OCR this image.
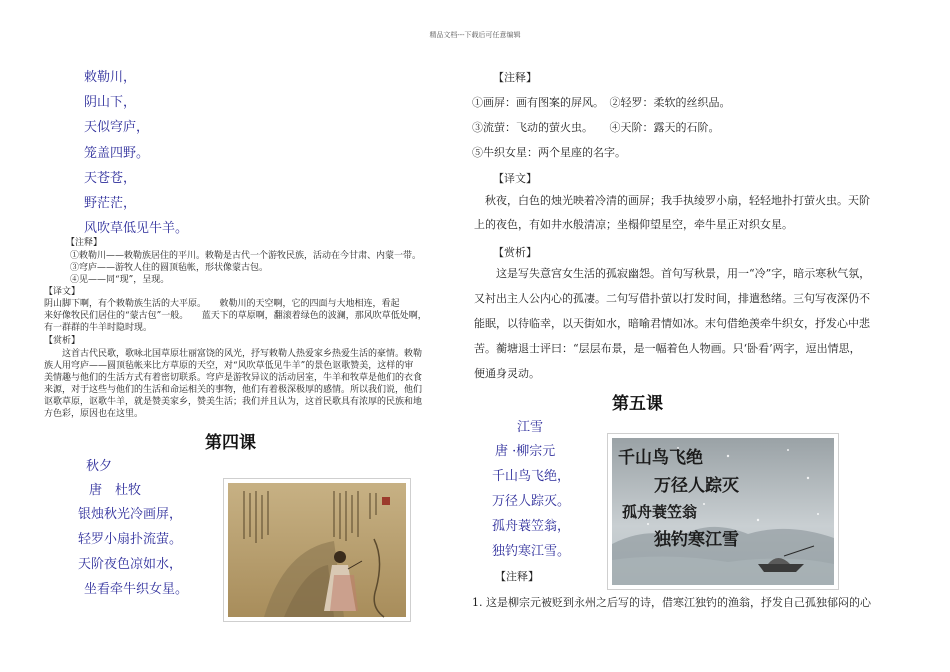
精品文档---下载后可任意编辑
敕勒川，
阴山下，
天似穹庐，
笼盖四野。
天苍苍，
野茫茫，
风吹草低见牛羊。
【注释】
①敕勒川——敕勒族居住的平川。敕勒是古代一个游牧民族，活动在今甘肃、内蒙一带。
③穹庐——游牧人住的圆顶毡帐，形状像蒙古包。
④见——同“现”，呈现。
【译文】
阴山脚下啊，有个敕勒族生活的大平原。　　敕勒川的天空啊，它的四面与大地相连，看起
来好像牧民们居住的“蒙古包”一般。　　蓝天下的草原啊，翻滚着绿色的波澜，那风吹草低处啊，
有一群群的牛羊时隐时现。
【赏析】
　　这首古代民歌，歌咏北国草原壮丽富饶的风光，抒写敕勒人热爱家乡热爱生活的豪情。敕勒
族人用穹庐——圆顶毡帐来比方草原的天空，对“风吹草低见牛羊”的景色讴歌赞美，这样的审
美情趣与他们的生活方式有着密切联系。穹庐是游牧异议的活动居室，牛羊和牧草是他们的衣食
来源，对于这些与他们的生活和命运相关的事物，他们有着极深极厚的感情。所以我们说，他们
讴歌草原，讴歌牛羊，就是赞美家乡，赞美生活；我们并且认为，这首民歌具有浓厚的民族和地
方色彩，原因也在这里。
第四课
秋夕
唐　杜牧
银烛秋光冷画屏，
轻罗小扇扑流萤。
天阶夜色凉如水，
坐看牵牛织女星。
【注释】
①画屏：画有图案的屏风。　②轻罗：柔软的丝织品。
③流萤：飞动的萤火虫。　　④天阶：露天的石阶。
⑤牛织女星：两个星座的名字。
【译文】
　秋夜，白色的烛光映着冷清的画屏；我手执绫罗小扇，轻轻地扑打萤火虫。天阶
上的夜色，有如井水般清凉；坐榻仰望星空，牵牛星正对织女星。
【赏析】
　　这是写失意宫女生活的孤寂幽怨。首句写秋景，用一“冷”字，暗示寒秋气氛，
又衬出主人公内心的孤凄。二句写借扑萤以打发时间，排遣愁绪。三句写夜深仍不
能眠，以待临幸，以天街如水，暗喻君情如冰。末句借绝羡牵牛织女，抒发心中悲
苦。蘅塘退士评曰：“层层布景，是一幅着色人物画。只‘卧看’两字，逗出情思，
便通身灵动。
第五课
江雪
唐 ·柳宗元
千山鸟飞绝，
万径人踪灭。
孤舟蓑笠翁，
独钓寒江雪。
【注释】
1. 这是柳宗元被贬到永州之后写的诗，借寒江独钓的渔翁，抒发自己孤独郁闷的心
千山鸟飞绝
万径人踪灭
孤舟蓑笠翁
独钓寒江雪
